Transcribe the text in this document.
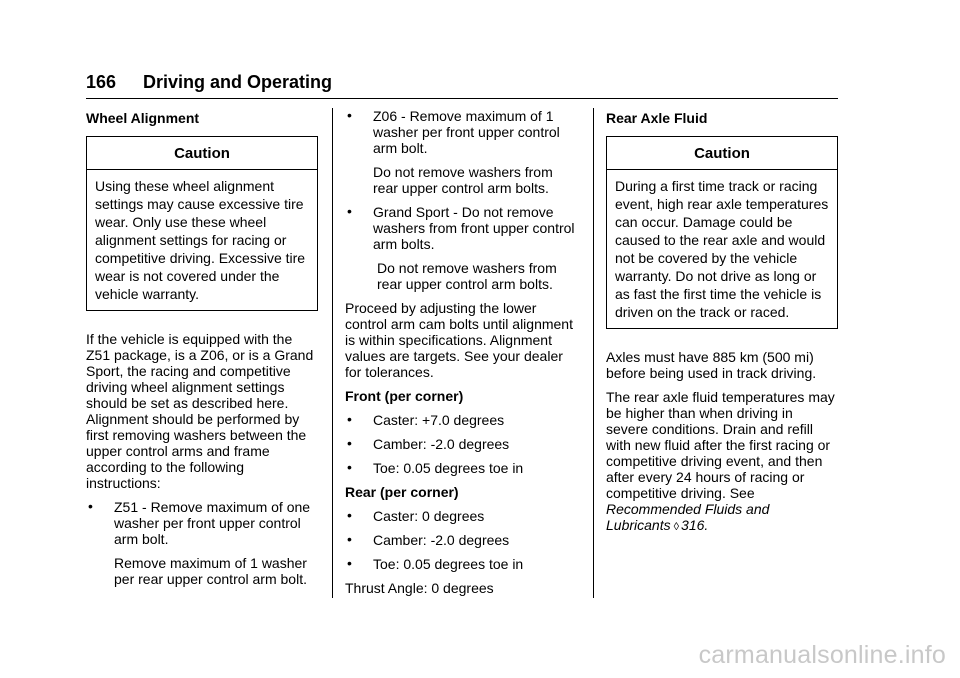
166 Driving and Operating
Wheel Alignment
Caution
Using these wheel alignment settings may cause excessive tire wear. Only use these wheel alignment settings for racing or competitive driving. Excessive tire wear is not covered under the vehicle warranty.

If the vehicle is equipped with the Z51 package, is a Z06, or is a Grand Sport, the racing and competitive driving wheel alignment settings should be set as described here. Alignment should be performed by first removing washers between the upper control arms and frame according to the following instructions:

• Z51 - Remove maximum of one washer per front upper control arm bolt.
Remove maximum of 1 washer per rear upper control arm bolt.
• Z06 - Remove maximum of 1 washer per front upper control arm bolt.
Do not remove washers from rear upper control arm bolts.
• Grand Sport - Do not remove washers from front upper control arm bolts.
Do not remove washers from rear upper control arm bolts.

Proceed by adjusting the lower control arm cam bolts until alignment is within specifications. Alignment values are targets. See your dealer for tolerances.

Front (per corner)
• Caster: +7.0 degrees
• Camber: -2.0 degrees
• Toe: 0.05 degrees toe in
Rear (per corner)
• Caster: 0 degrees
• Camber: -2.0 degrees
• Toe: 0.05 degrees toe in

Thrust Angle: 0 degrees

Rear Axle Fluid
Caution
During a first time track or racing event, high rear axle temperatures can occur. Damage could be caused to the rear axle and would not be covered by the vehicle warranty. Do not drive as long or as fast the first time the vehicle is driven on the track or raced.

Axles must have 885 km (500 mi) before being used in track driving.

The rear axle fluid temperatures may be higher than when driving in severe conditions. Drain and refill with new fluid after the first racing or competitive driving event, and then after every 24 hours of racing or competitive driving. See Recommended Fluids and Lubricants ◊ 316.

carmanualsonline.info
